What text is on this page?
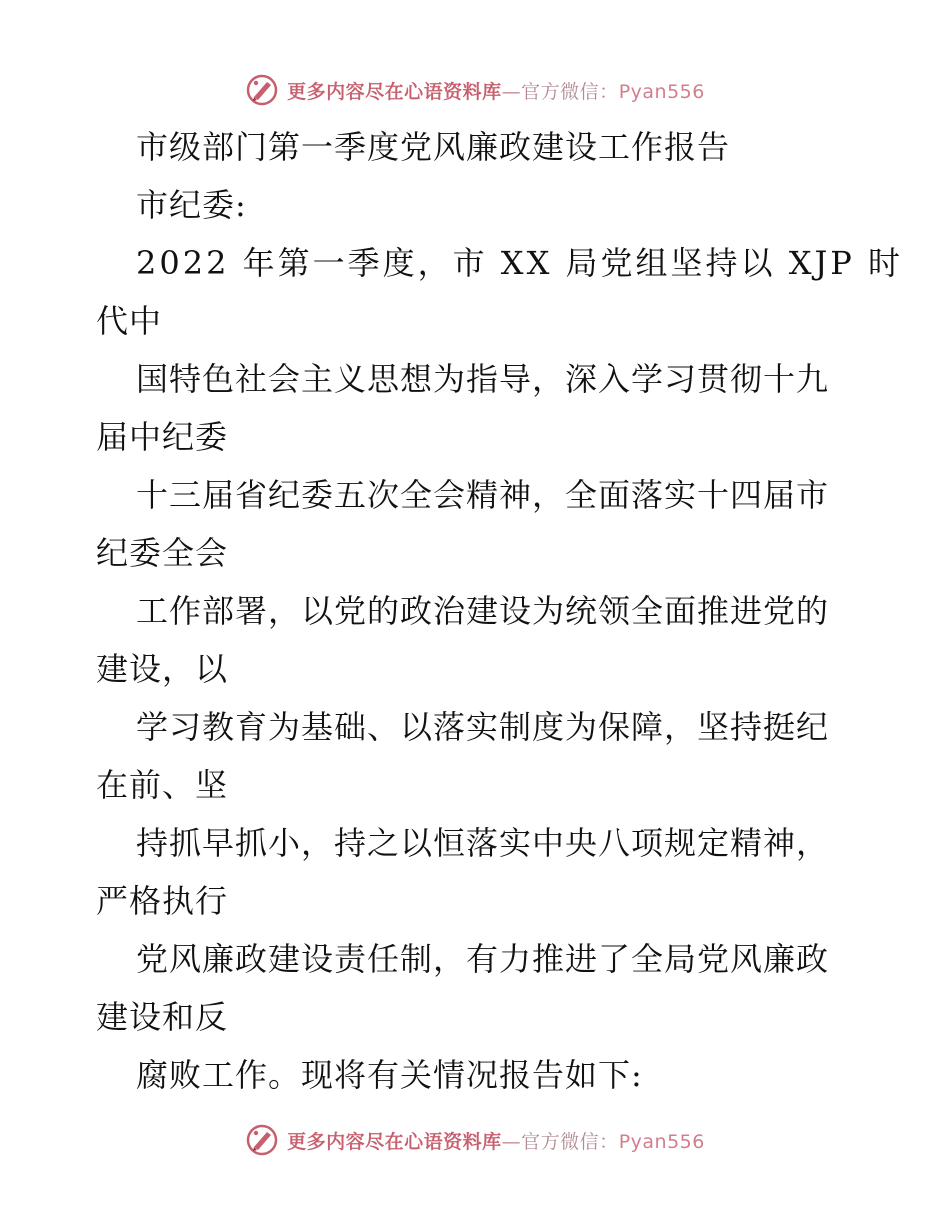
更多内容尽在心语资料库—官方微信：Pyan556
市级部门第一季度党风廉政建设工作报告
市纪委:
2022 年第一季度，市 XX 局党组坚持以 XJP 时
代中
国特色社会主义思想为指导，深入学习贯彻十九
届中纪委
十三届省纪委五次全会精神，全面落实十四届市
纪委全会
工作部署，以党的政治建设为统领全面推进党的
建设，以
学习教育为基础、以落实制度为保障，坚持挺纪
在前、坚
持抓早抓小，持之以恒落实中央八项规定精神，
严格执行
党风廉政建设责任制，有力推进了全局党风廉政
建设和反
腐败工作。现将有关情况报告如下:
更多内容尽在心语资料库—官方微信：Pyan556
